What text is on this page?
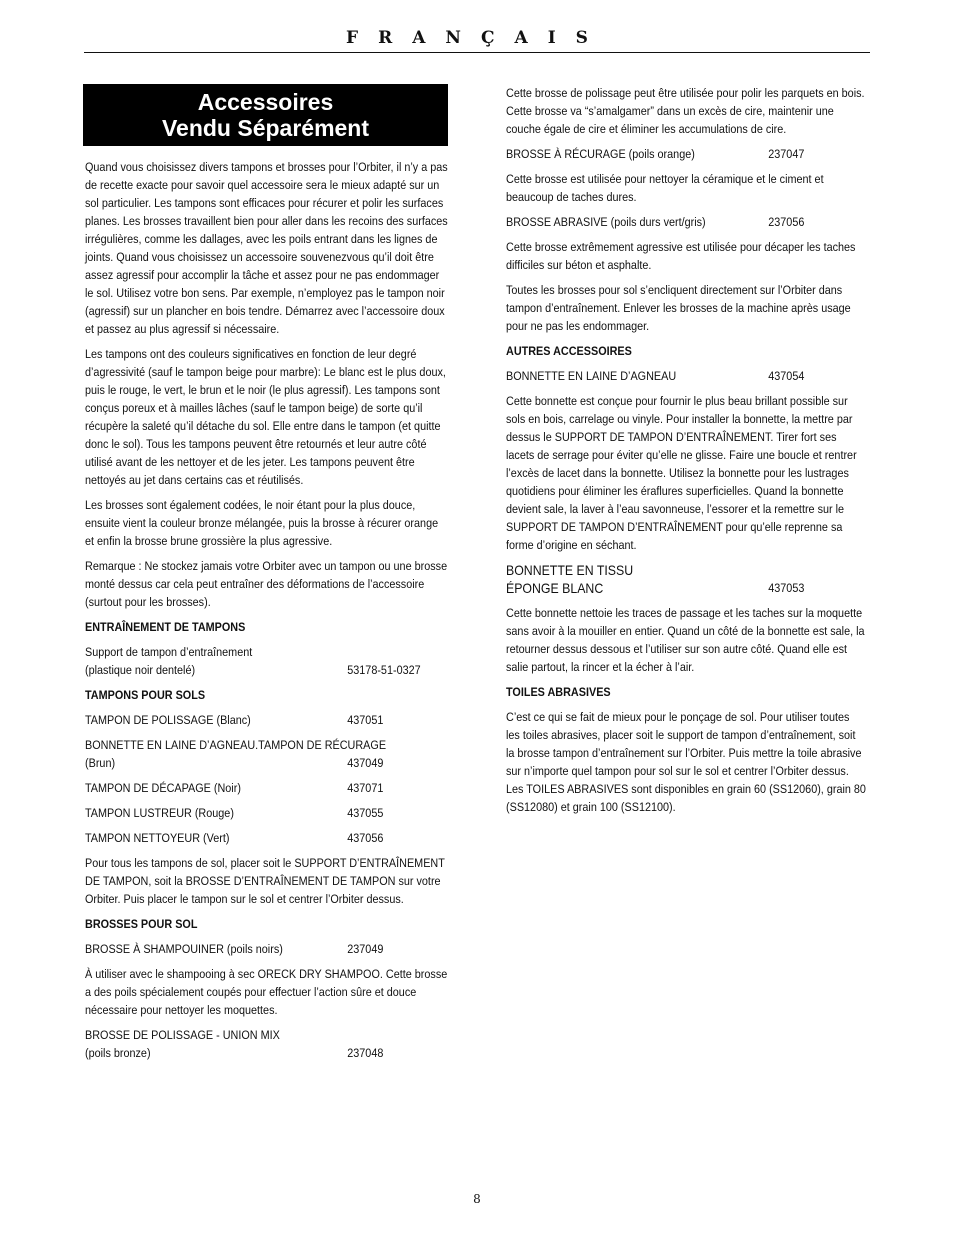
FRANÇAIS
Accessoires
Vendu Séparément

Quand vous choisissez divers tampons et brosses pour l’Orbiter, il n’y a pas de recette exacte pour savoir quel accessoire sera le mieux adapté sur un sol particulier. Les tampons sont efficaces pour récurer et polir les surfaces planes. Les brosses travaillent bien pour aller dans les recoins des surfaces irrégulières, comme les dallages, avec les poils entrant dans les lignes de joints. Quand vous choisissez un accessoire souvenezvous qu’il doit être assez agressif pour accomplir la tâche et assez pour ne pas endommager le sol. Utilisez votre bon sens. Par exemple, n’employez pas le tampon noir (agressif) sur un plancher en bois tendre. Démarrez avec l’accessoire doux et passez au plus agressif si nécessaire.

Les tampons ont des couleurs significatives en fonction de leur degré d’agressivité (sauf le tampon beige pour marbre): Le blanc est le plus doux, puis le rouge, le vert, le brun et le noir (le plus agressif). Les tampons sont conçus poreux et à mailles lâches (sauf le tampon beige) de sorte qu’il récupère la saleté qu’il détache du sol. Elle entre dans le tampon (et quitte donc le sol). Tous les tampons peuvent être retournés et leur autre côté utilisé avant de les nettoyer et de les jeter. Les tampons peuvent être nettoyés au jet dans certains cas et réutilisés.

Les brosses sont également codées, le noir étant pour la plus douce, ensuite vient la couleur bronze mélangée, puis la brosse à récurer orange et enfin la brosse brune grossière la plus agressive.

Remarque : Ne stockez jamais votre Orbiter avec un tampon ou une brosse monté dessus car cela peut entraîner des déformations de l’accessoire (surtout pour les brosses).

ENTRAÎNEMENT DE TAMPONS
Support de tampon d’entraînement
(plastique noir dentelé)	53178-51-0327
TAMPONS POUR SOLS
TAMPON DE POLISSAGE (Blanc)	437051
BONNETTE EN LAINE D’AGNEAU.TAMPON DE RÉCURAGE
(Brun)	437049
TAMPON DE DÉCAPAGE (Noir)	437071
TAMPON LUSTREUR (Rouge)	437055
TAMPON NETTOYEUR (Vert)	437056

Pour tous les tampons de sol, placer soit le SUPPORT D’ENTRAÎNEMENT DE TAMPON, soit la BROSSE D’ENTRAÎNEMENT DE TAMPON sur votre Orbiter. Puis placer le tampon sur le sol et centrer l’Orbiter dessus.

BROSSES POUR SOL
BROSSE À SHAMPOUINER (poils noirs)	237049

À utiliser avec le shampooing à sec ORECK DRY SHAMPOO. Cette brosse a des poils spécialement coupés pour effectuer l’action sûre et douce nécessaire pour nettoyer les moquettes.

BROSSE DE POLISSAGE - UNION MIX
(poils bronze)	237048

Cette brosse de polissage peut être utilisée pour polir les parquets en bois. Cette brosse va “s’amalgamer” dans un excès de cire, maintenir une couche égale de cire et éliminer les accumulations de cire.

BROSSE À RÉCURAGE (poils orange)	237047

Cette brosse est utilisée pour nettoyer la céramique et le ciment et beaucoup de taches dures.

BROSSE ABRASIVE (poils durs vert/gris)	237056

Cette brosse extrêmement agressive est utilisée pour décaper les taches difficiles sur béton et asphalte.

Toutes les brosses pour sol s’encliquent directement sur l’Orbiter dans tampon d’entraînement. Enlever les brosses de la machine après usage pour ne pas les endommager.

AUTRES ACCESSOIRES
BONNETTE EN LAINE D’AGNEAU	437054

Cette bonnette est conçue pour fournir le plus beau brillant possible sur sols en bois, carrelage ou vinyle. Pour installer la bonnette, la mettre par dessus le SUPPORT DE TAMPON D’ENTRAÎNEMENT. Tirer fort ses lacets de serrage pour éviter qu’elle ne glisse. Faire une boucle et rentrer l’excès de lacet dans la bonnette. Utilisez la bonnette pour les lustrages quotidiens pour éliminer les éraflures superficielles. Quand la bonnette devient sale, la laver à l’eau savonneuse, l’essorer et la remettre sur le SUPPORT DE TAMPON D’ENTRAÎNEMENT pour qu’elle reprenne sa forme d’origine en séchant.

BONNETTE EN TISSU
ÉPONGE BLANC	437053

Cette bonnette nettoie les traces de passage et les taches sur la moquette sans avoir à la mouiller en entier. Quand un côté de la bonnette est sale, la retourner dessus dessous et l’utiliser sur son autre côté. Quand elle est salie partout, la rincer et la écher à l’air.

TOILES ABRASIVES

C’est ce qui se fait de mieux pour le ponçage de sol. Pour utiliser toutes les toiles abrasives, placer soit le support de tampon d’entraînement, soit la brosse tampon d’entraînement sur l’Orbiter. Puis mettre la toile abrasive sur n’importe quel tampon pour sol sur le sol et centrer l’Orbiter dessus. Les TOILES ABRASIVES sont disponibles en grain 60 (SS12060), grain 80 (SS12080) et grain 100 (SS12100).

8
